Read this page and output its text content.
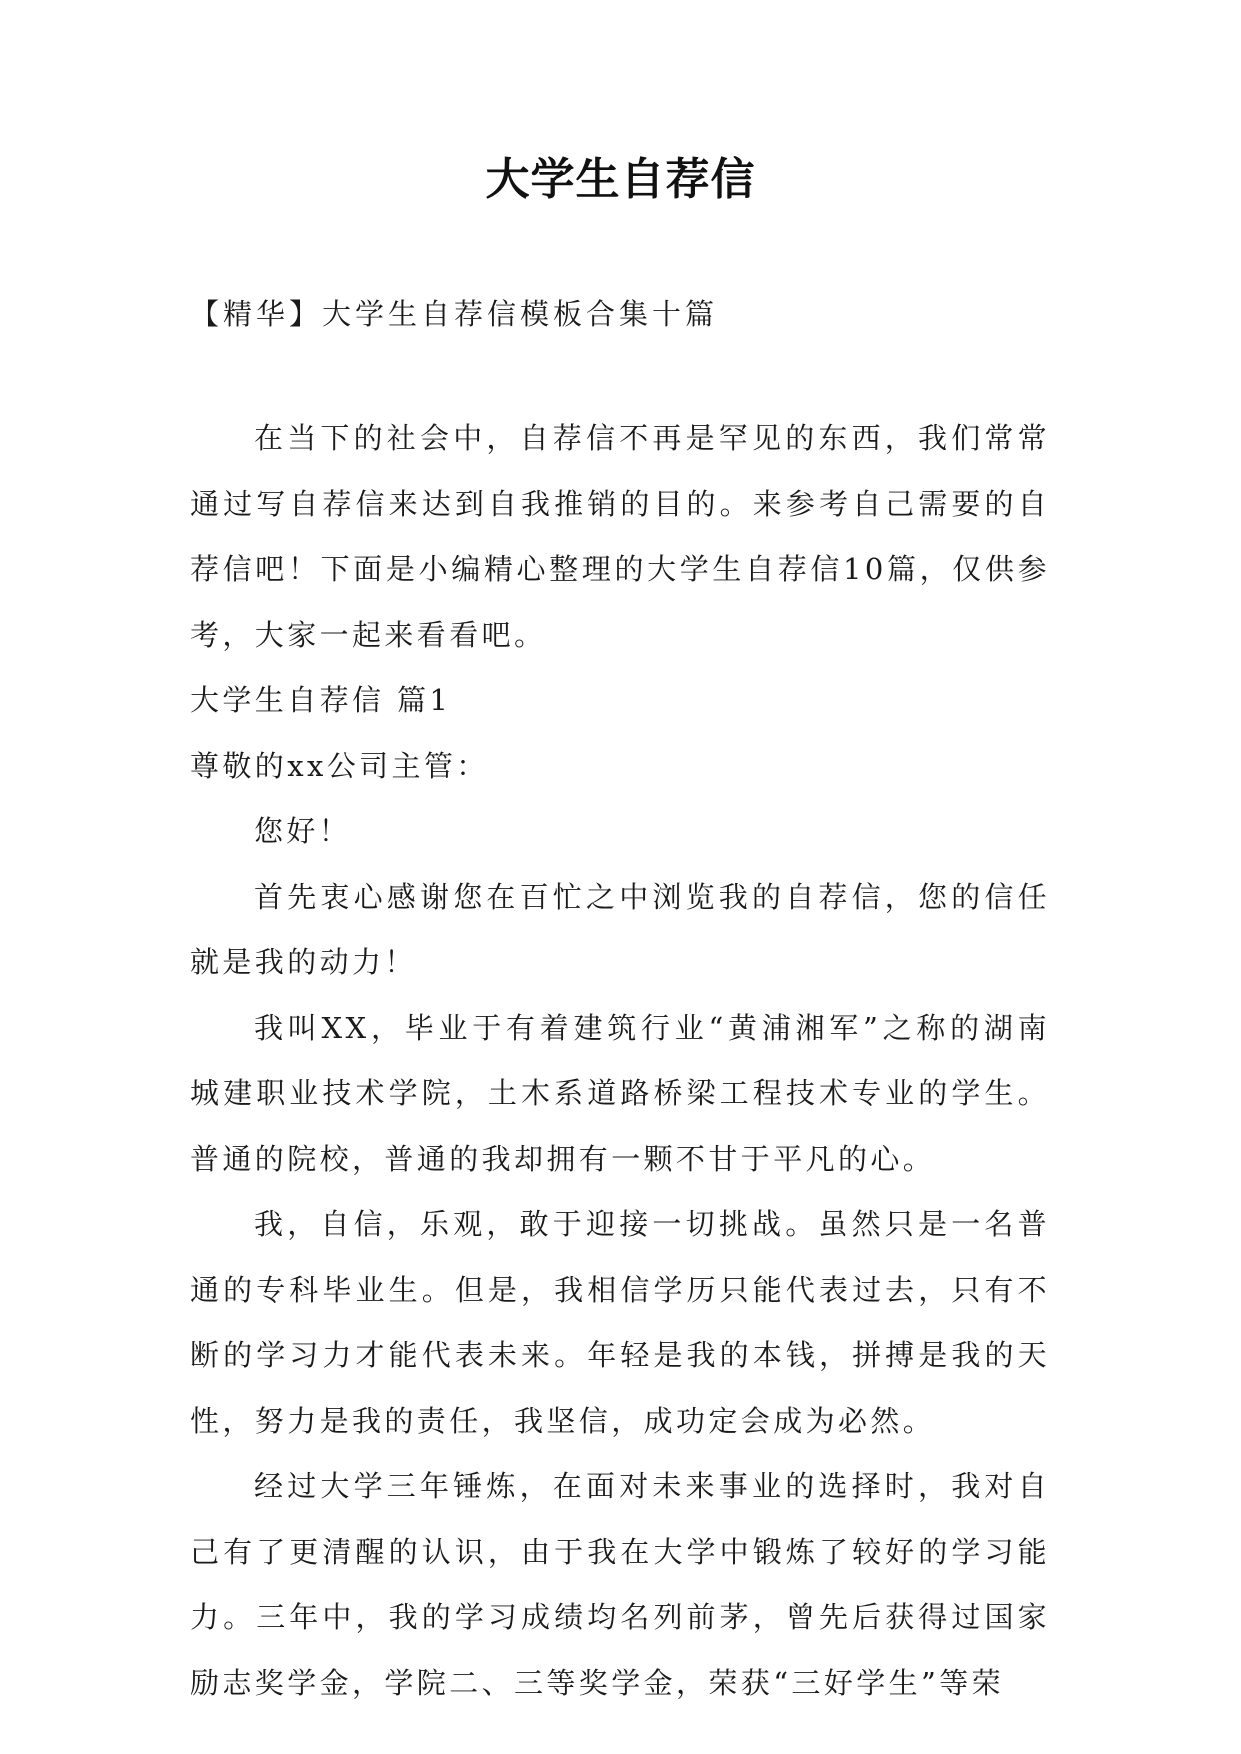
大学生自荐信
【精华】大学生自荐信模板合集十篇

在当下的社会中，自荐信不再是罕见的东西，我们常常通过写自荐信来达到自我推销的目的。来参考自己需要的自荐信吧！下面是小编精心整理的大学生自荐信10篇，仅供参考，大家一起来看看吧。

大学生自荐信 篇1

尊敬的xx公司主管：

您好！

首先衷心感谢您在百忙之中浏览我的自荐信，您的信任就是我的动力！

我叫XX，毕业于有着建筑行业“黄浦湘军”之称的湖南城建职业技术学院，土木系道路桥梁工程技术专业的学生。普通的院校，普通的我却拥有一颗不甘于平凡的心。

我，自信，乐观，敢于迎接一切挑战。虽然只是一名普通的专科毕业生。但是，我相信学历只能代表过去，只有不断的学习力才能代表未来。年轻是我的本钱，拼搏是我的天性，努力是我的责任，我坚信，成功定会成为必然。

经过大学三年锤炼，在面对未来事业的选择时，我对自己有了更清醒的认识，由于我在大学中锻炼了较好的学习能力。三年中，我的学习成绩均名列前茅，曾先后获得过国家励志奖学金，学院二、三等奖学金，荣获“三好学生”等荣
